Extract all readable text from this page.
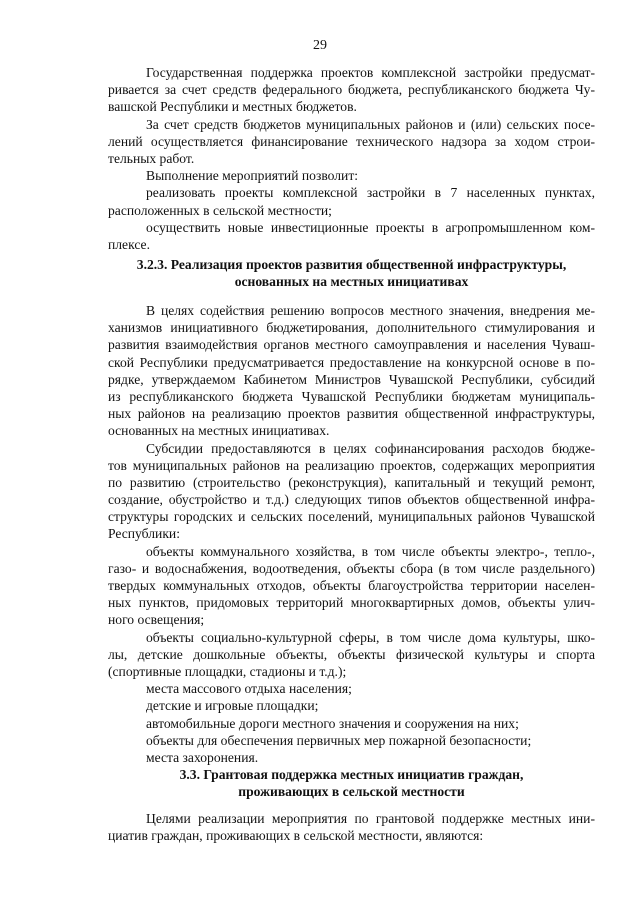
29
Государственная поддержка проектов комплексной застройки предусмат-
ривается за счет средств федерального бюджета, республиканского бюджета Чу-
вашской Республики и местных бюджетов.
За счет средств бюджетов муниципальных районов и (или) сельских посе-
лений осуществляется финансирование технического надзора за ходом строи-
тельных работ.
Выполнение мероприятий позволит:
реализовать проекты комплексной застройки в 7 населенных пунктах,
расположенных в сельской местности;
осуществить новые инвестиционные проекты в агропромышленном ком-
плексе.
3.2.3. Реализация проектов развития общественной инфраструктуры,
основанных на местных инициативах
В целях содействия решению вопросов местного значения, внедрения ме-
ханизмов инициативного бюджетирования, дополнительного стимулирования и
развития взаимодействия органов местного самоуправления и населения Чуваш-
ской Республики предусматривается предоставление на конкурсной основе в по-
рядке, утверждаемом Кабинетом Министров Чувашской Республики, субсидий
из республиканского бюджета Чувашской Республики бюджетам муниципаль-
ных районов на реализацию проектов развития общественной инфраструктуры,
основанных на местных инициативах.
Субсидии предоставляются в целях софинансирования расходов бюдже-
тов муниципальных районов на реализацию проектов, содержащих мероприятия
по развитию (строительство (реконструкция), капитальный и текущий ремонт,
создание, обустройство и т.д.) следующих типов объектов общественной инфра-
структуры городских и сельских поселений, муниципальных районов Чувашской
Республики:
объекты коммунального хозяйства, в том числе объекты электро-, тепло-,
газо- и водоснабжения, водоотведения, объекты сбора (в том числе раздельного)
твердых коммунальных отходов, объекты благоустройства территории населен-
ных пунктов, придомовых территорий многоквартирных домов, объекты улич-
ного освещения;
объекты социально-культурной сферы, в том числе дома культуры, шко-
лы, детские дошкольные объекты, объекты физической культуры и спорта
(спортивные площадки, стадионы и т.д.);
места массового отдыха населения;
детские и игровые площадки;
автомобильные дороги местного значения и сооружения на них;
объекты для обеспечения первичных мер пожарной безопасности;
места захоронения.
3.3. Грантовая поддержка местных инициатив граждан,
проживающих в сельской местности
Целями реализации мероприятия по грантовой поддержке местных ини-
циатив граждан, проживающих в сельской местности, являются:
